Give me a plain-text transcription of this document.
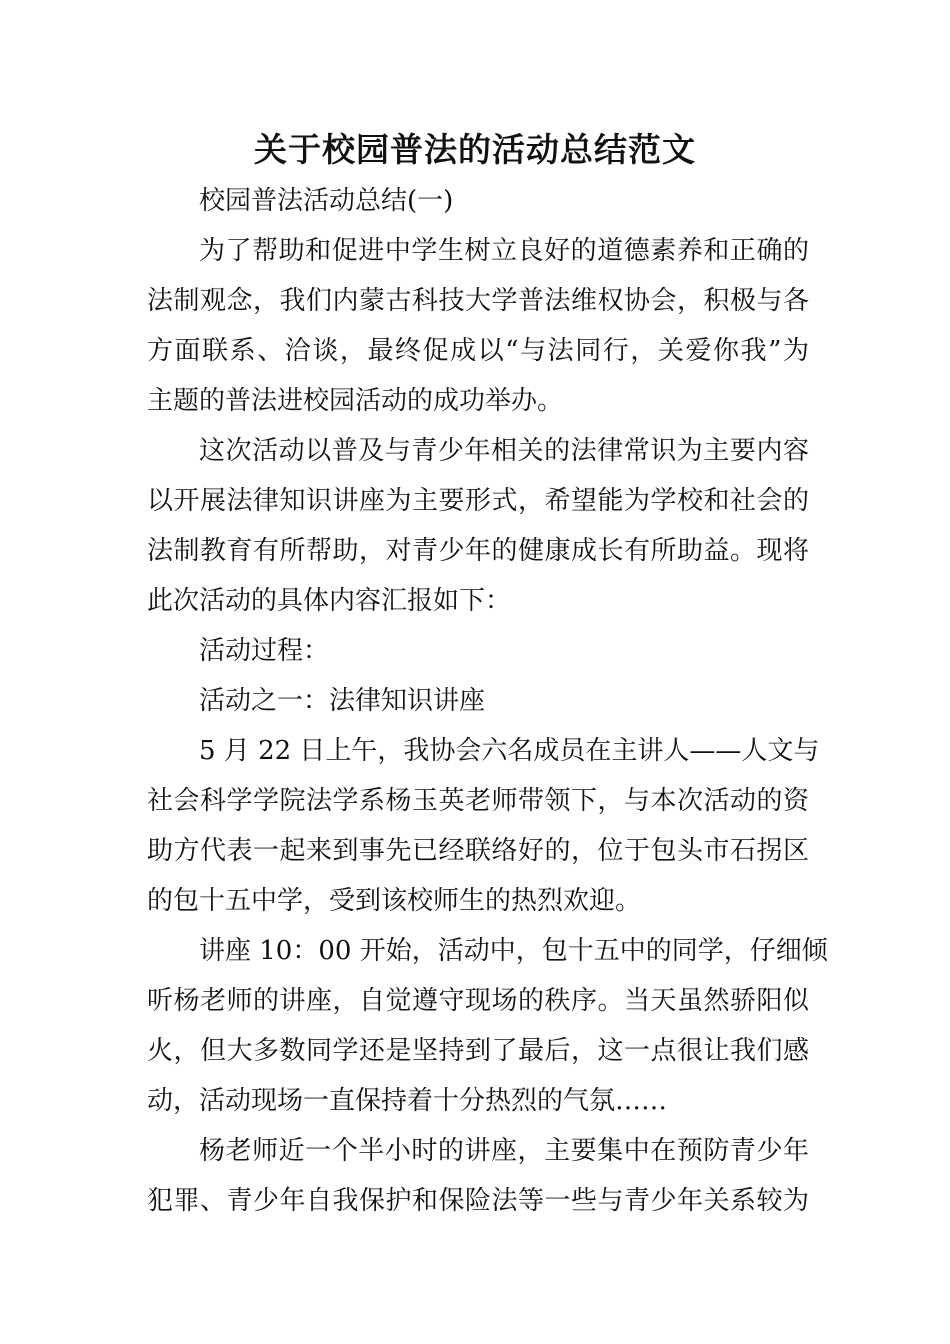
关于校园普法的活动总结范文
校园普法活动总结(一)
为了帮助和促进中学生树立良好的道德素养和正确的
法制观念，我们内蒙古科技大学普法维权协会，积极与各
方面联系、洽谈，最终促成以“与法同行，关爱你我”为
主题的普法进校园活动的成功举办。
这次活动以普及与青少年相关的法律常识为主要内容
以开展法律知识讲座为主要形式，希望能为学校和社会的
法制教育有所帮助，对青少年的健康成长有所助益。现将
此次活动的具体内容汇报如下：
活动过程：
活动之一：法律知识讲座
5 月 22 日上午，我协会六名成员在主讲人——人文与
社会科学学院法学系杨玉英老师带领下，与本次活动的资
助方代表一起来到事先已经联络好的，位于包头市石拐区
的包十五中学，受到该校师生的热烈欢迎。
讲座 10：00 开始，活动中，包十五中的同学，仔细倾
听杨老师的讲座，自觉遵守现场的秩序。当天虽然骄阳似
火，但大多数同学还是坚持到了最后，这一点很让我们感
动，活动现场一直保持着十分热烈的气氛……
杨老师近一个半小时的讲座，主要集中在预防青少年
犯罪、青少年自我保护和保险法等一些与青少年关系较为
